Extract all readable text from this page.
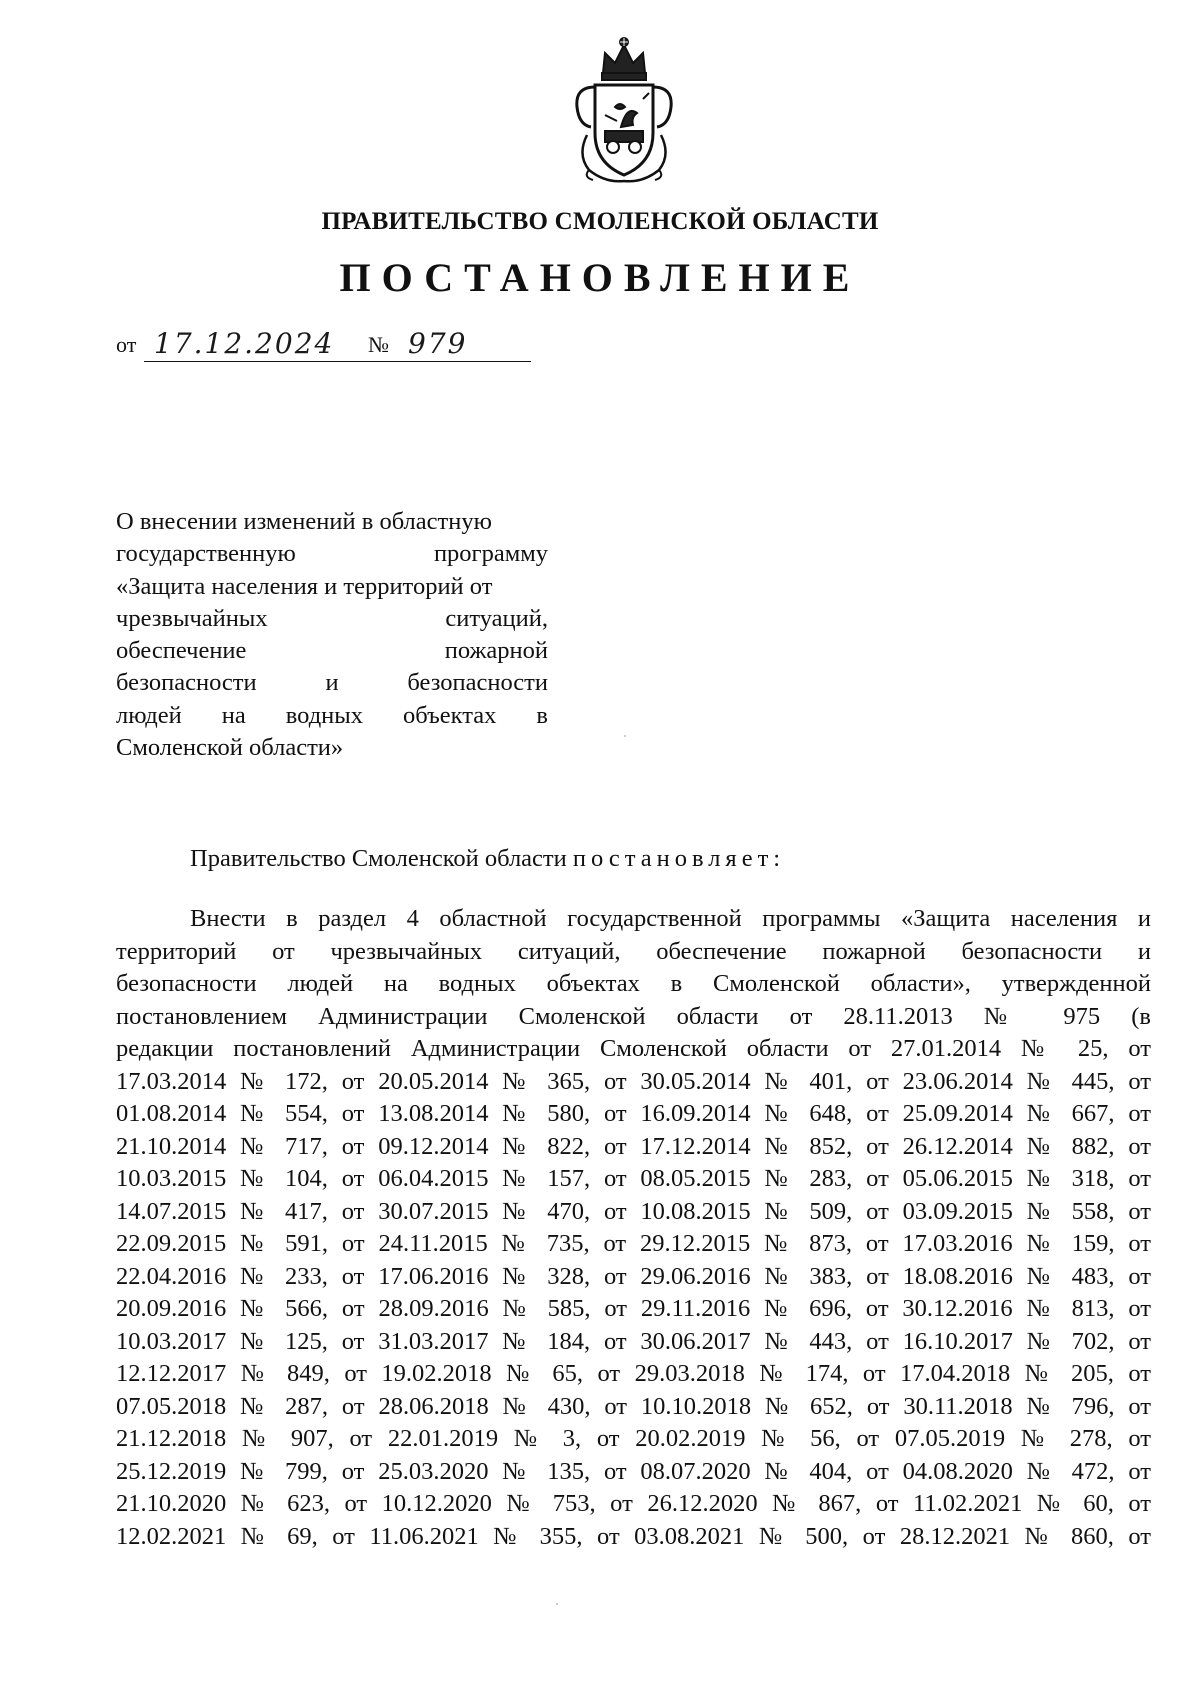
ПРАВИТЕЛЬСТВО СМОЛЕНСКОЙ ОБЛАСТИ
ПОСТАНОВЛЕНИЕ
от 17.12.2024 № 979
О внесении изменений в областную
государственную программу
«Защита населения и территорий от
чрезвычайных ситуаций,
обеспечение пожарной
безопасности и безопасности
людей на водных объектах в
Смоленской области»

Правительство Смоленской области постановляет:

Внести в раздел 4 областной государственной программы «Защита населения и
территорий от чрезвычайных ситуаций, обеспечение пожарной безопасности и
безопасности людей на водных объектах в Смоленской области», утвержденной
постановлением Администрации Смоленской области от 28.11.2013 № 975 (в
редакции постановлений Администрации Смоленской области от 27.01.2014 № 25, от
17.03.2014 № 172, от 20.05.2014 № 365, от 30.05.2014 № 401, от 23.06.2014 № 445, от
01.08.2014 № 554, от 13.08.2014 № 580, от 16.09.2014 № 648, от 25.09.2014 № 667, от
21.10.2014 № 717, от 09.12.2014 № 822, от 17.12.2014 № 852, от 26.12.2014 № 882, от
10.03.2015 № 104, от 06.04.2015 № 157, от 08.05.2015 № 283, от 05.06.2015 № 318, от
14.07.2015 № 417, от 30.07.2015 № 470, от 10.08.2015 № 509, от 03.09.2015 № 558, от
22.09.2015 № 591, от 24.11.2015 № 735, от 29.12.2015 № 873, от 17.03.2016 № 159, от
22.04.2016 № 233, от 17.06.2016 № 328, от 29.06.2016 № 383, от 18.08.2016 № 483, от
20.09.2016 № 566, от 28.09.2016 № 585, от 29.11.2016 № 696, от 30.12.2016 № 813, от
10.03.2017 № 125, от 31.03.2017 № 184, от 30.06.2017 № 443, от 16.10.2017 № 702, от
12.12.2017 № 849, от 19.02.2018 № 65, от 29.03.2018 № 174, от 17.04.2018 № 205, от
07.05.2018 № 287, от 28.06.2018 № 430, от 10.10.2018 № 652, от 30.11.2018 № 796, от
21.12.2018 № 907, от 22.01.2019 № 3, от 20.02.2019 № 56, от 07.05.2019 № 278, от
25.12.2019 № 799, от 25.03.2020 № 135, от 08.07.2020 № 404, от 04.08.2020 № 472, от
21.10.2020 № 623, от 10.12.2020 № 753, от 26.12.2020 № 867, от 11.02.2021 № 60, от
12.02.2021 № 69, от 11.06.2021 № 355, от 03.08.2021 № 500, от 28.12.2021 № 860, от
